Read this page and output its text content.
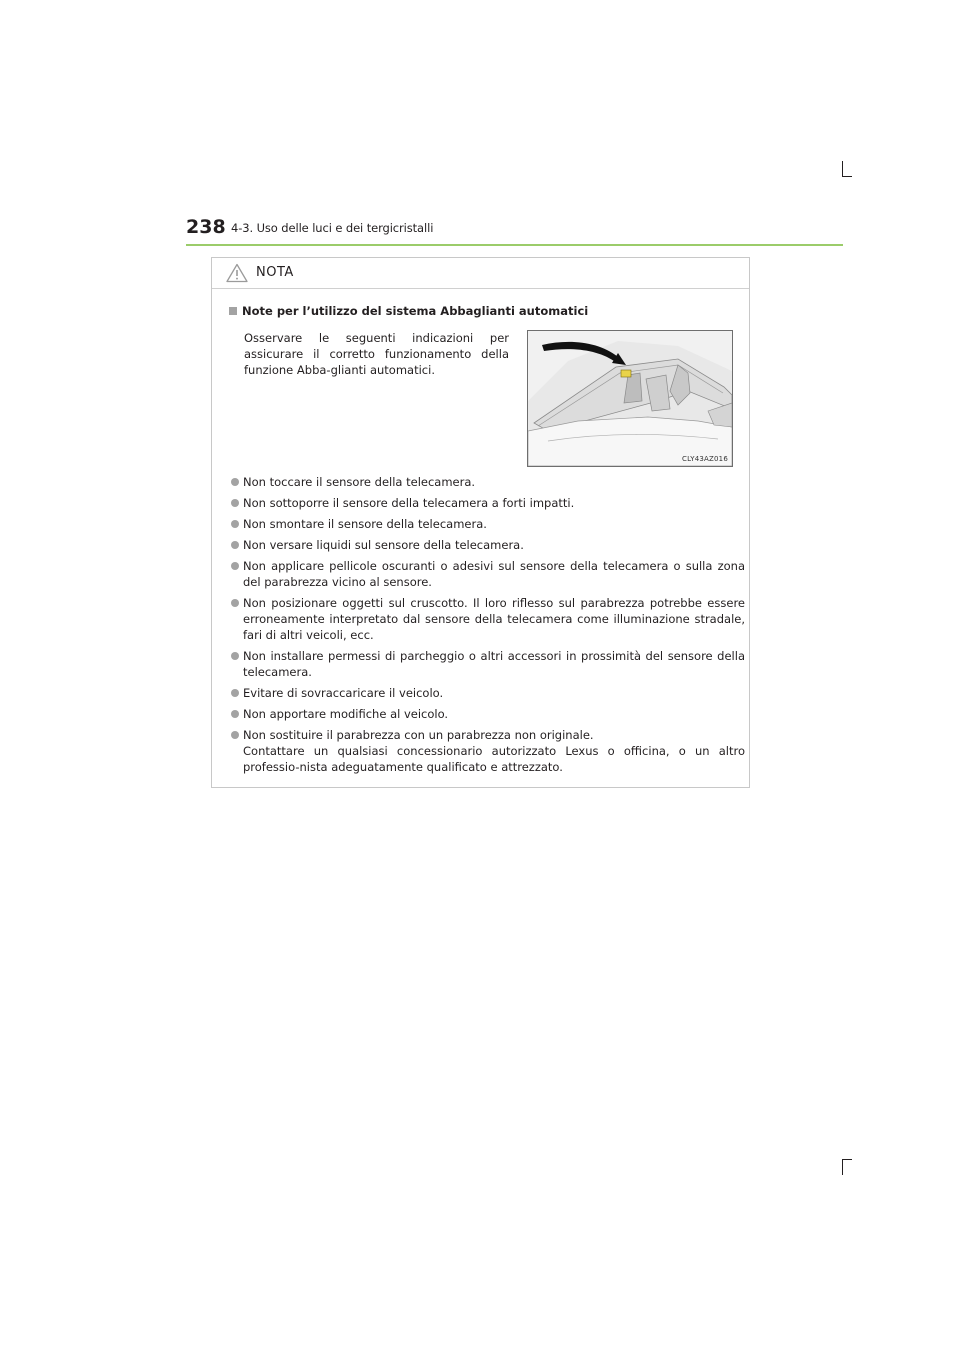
238 4-3. Uso delle luci e dei tergicristalli
NOTA
Note per l’utilizzo del sistema Abbaglianti automatici
Osservare le seguenti indicazioni per assicurare il corretto funzionamento della funzione Abba-glianti automatici.
CLY43AZ016
Non toccare il sensore della telecamera.
Non sottoporre il sensore della telecamera a forti impatti.
Non smontare il sensore della telecamera.
Non versare liquidi sul sensore della telecamera.
Non applicare pellicole oscuranti o adesivi sul sensore della telecamera o sulla zona del parabrezza vicino al sensore.
Non posizionare oggetti sul cruscotto. Il loro riflesso sul parabrezza potrebbe essere erroneamente interpretato dal sensore della telecamera come illuminazione stradale, fari di altri veicoli, ecc.
Non installare permessi di parcheggio o altri accessori in prossimità del sensore della telecamera.
Evitare di sovraccaricare il veicolo.
Non apportare modifiche al veicolo.
Non sostituire il parabrezza con un parabrezza non originale.
Contattare un qualsiasi concessionario autorizzato Lexus o officina, o un altro professio-nista adeguatamente qualificato e attrezzato.
